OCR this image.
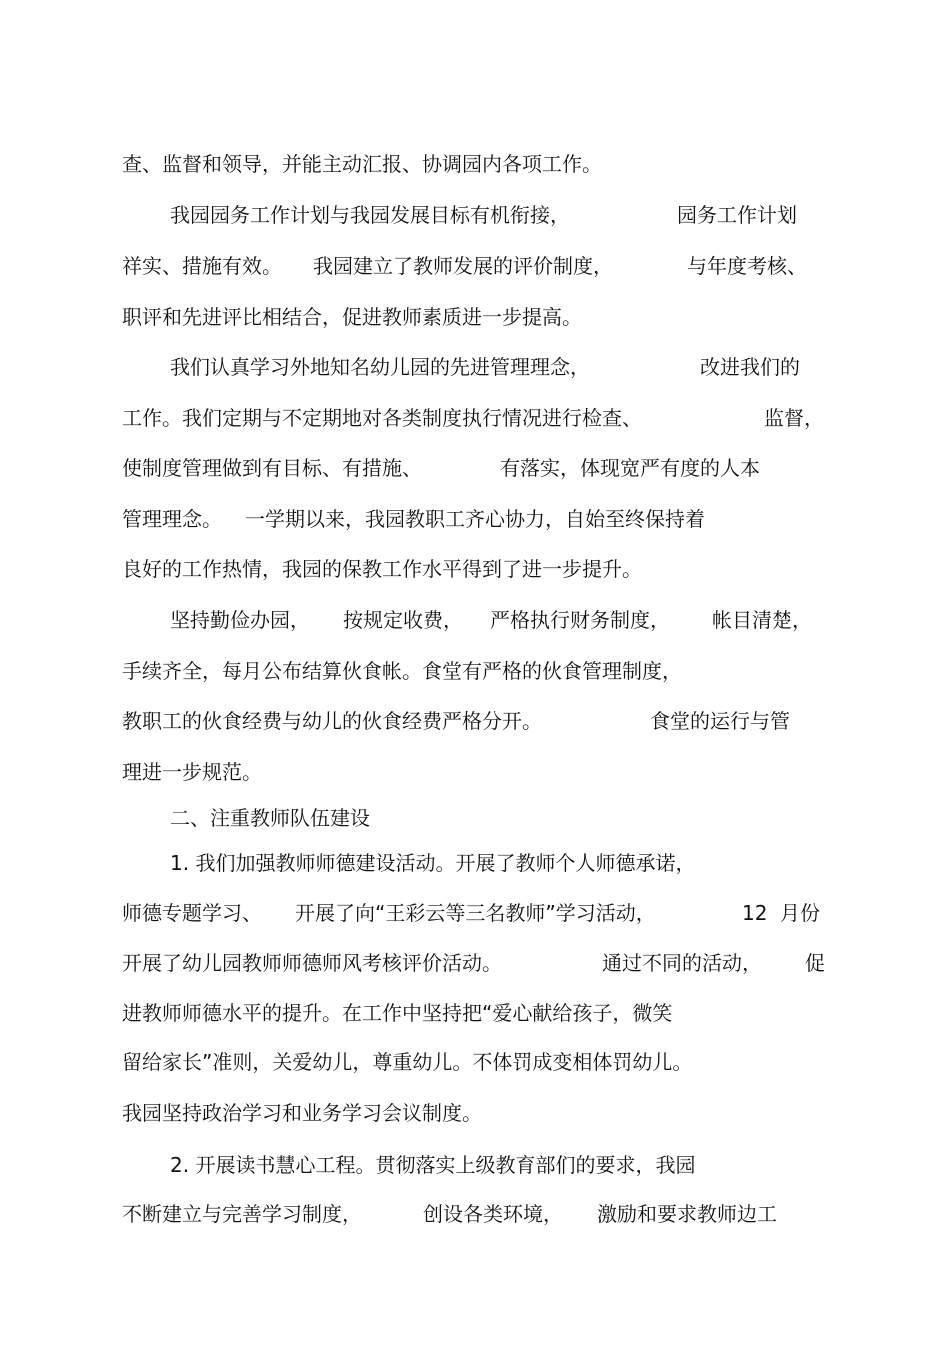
查、监督和领导，并能主动汇报、协调园内各项工作。
我园园务工作计划与我园发展目标有机衔接，	园务工作计划
祥实、措施有效。 我园建立了教师发展的评价制度，	与年度考核、
职评和先进评比相结合，促进教师素质进一步提高。
我们认真学习外地知名幼儿园的先进管理理念，	改进我们的
工作。我们定期与不定期地对各类制度执行情况进行检查、	监督，
使制度管理做到有目标、有措施、	有落实，体现宽严有度的人本
管理理念。 一学期以来，我园教职工齐心协力，自始至终保持着
良好的工作热情，我园的保教工作水平得到了进一步提升。
坚持勤俭办园， 按规定收费， 严格执行财务制度， 帐目清楚，
手续齐全，每月公布结算伙食帐。食堂有严格的伙食管理制度，
教职工的伙食经费与幼儿的伙食经费严格分开。	食堂的运行与管
理进一步规范。
二、注重教师队伍建设
1. 我们加强教师师德建设活动。开展了教师个人师德承诺，
师德专题学习、 开展了向“王彩云等三名教师”学习活动，	12 月份
开展了幼儿园教师师德师风考核评价活动。	通过不同的活动， 促
进教师师德水平的提升。在工作中坚持把“爱心献给孩子，微笑
留给家长”准则，关爱幼儿，尊重幼儿。不体罚成变相体罚幼儿。
我园坚持政治学习和业务学习会议制度。
2. 开展读书慧心工程。贯彻落实上级教育部们的要求，我园
不断建立与完善学习制度，	创设各类环境， 激励和要求教师边工
